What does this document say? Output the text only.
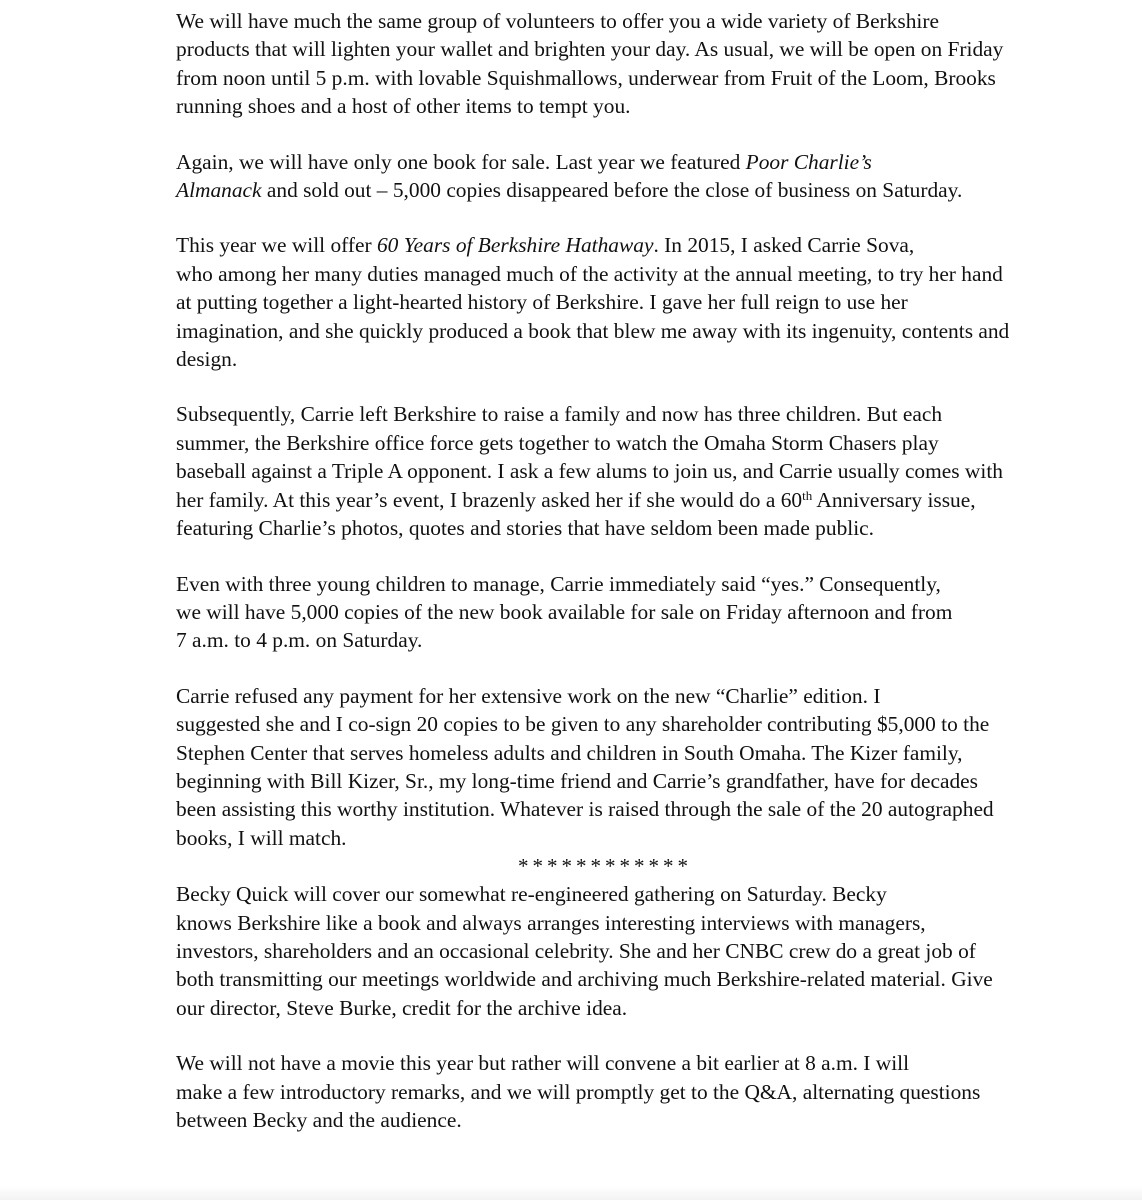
We will have much the same group of volunteers to offer you a wide variety of Berkshire
products that will lighten your wallet and brighten your day. As usual, we will be open on Friday
from noon until 5 p.m. with lovable Squishmallows, underwear from Fruit of the Loom, Brooks
running shoes and a host of other items to tempt you.

Again, we will have only one book for sale. Last year we featured Poor Charlie’s
Almanack and sold out – 5,000 copies disappeared before the close of business on Saturday.

This year we will offer 60 Years of Berkshire Hathaway. In 2015, I asked Carrie Sova,
who among her many duties managed much of the activity at the annual meeting, to try her hand
at putting together a light-hearted history of Berkshire. I gave her full reign to use her
imagination, and she quickly produced a book that blew me away with its ingenuity, contents and
design.

Subsequently, Carrie left Berkshire to raise a family and now has three children. But each
summer, the Berkshire office force gets together to watch the Omaha Storm Chasers play
baseball against a Triple A opponent. I ask a few alums to join us, and Carrie usually comes with
her family. At this year’s event, I brazenly asked her if she would do a 60th Anniversary issue,
featuring Charlie’s photos, quotes and stories that have seldom been made public.

Even with three young children to manage, Carrie immediately said “yes.” Consequently,
we will have 5,000 copies of the new book available for sale on Friday afternoon and from
7 a.m. to 4 p.m. on Saturday.

Carrie refused any payment for her extensive work on the new “Charlie” edition. I
suggested she and I co-sign 20 copies to be given to any shareholder contributing $5,000 to the
Stephen Center that serves homeless adults and children in South Omaha. The Kizer family,
beginning with Bill Kizer, Sr., my long-time friend and Carrie’s grandfather, have for decades
been assisting this worthy institution. Whatever is raised through the sale of the 20 autographed
books, I will match.

************

Becky Quick will cover our somewhat re-engineered gathering on Saturday. Becky
knows Berkshire like a book and always arranges interesting interviews with managers,
investors, shareholders and an occasional celebrity. She and her CNBC crew do a great job of
both transmitting our meetings worldwide and archiving much Berkshire-related material. Give
our director, Steve Burke, credit for the archive idea.

We will not have a movie this year but rather will convene a bit earlier at 8 a.m. I will
make a few introductory remarks, and we will promptly get to the Q&A, alternating questions
between Becky and the audience.
